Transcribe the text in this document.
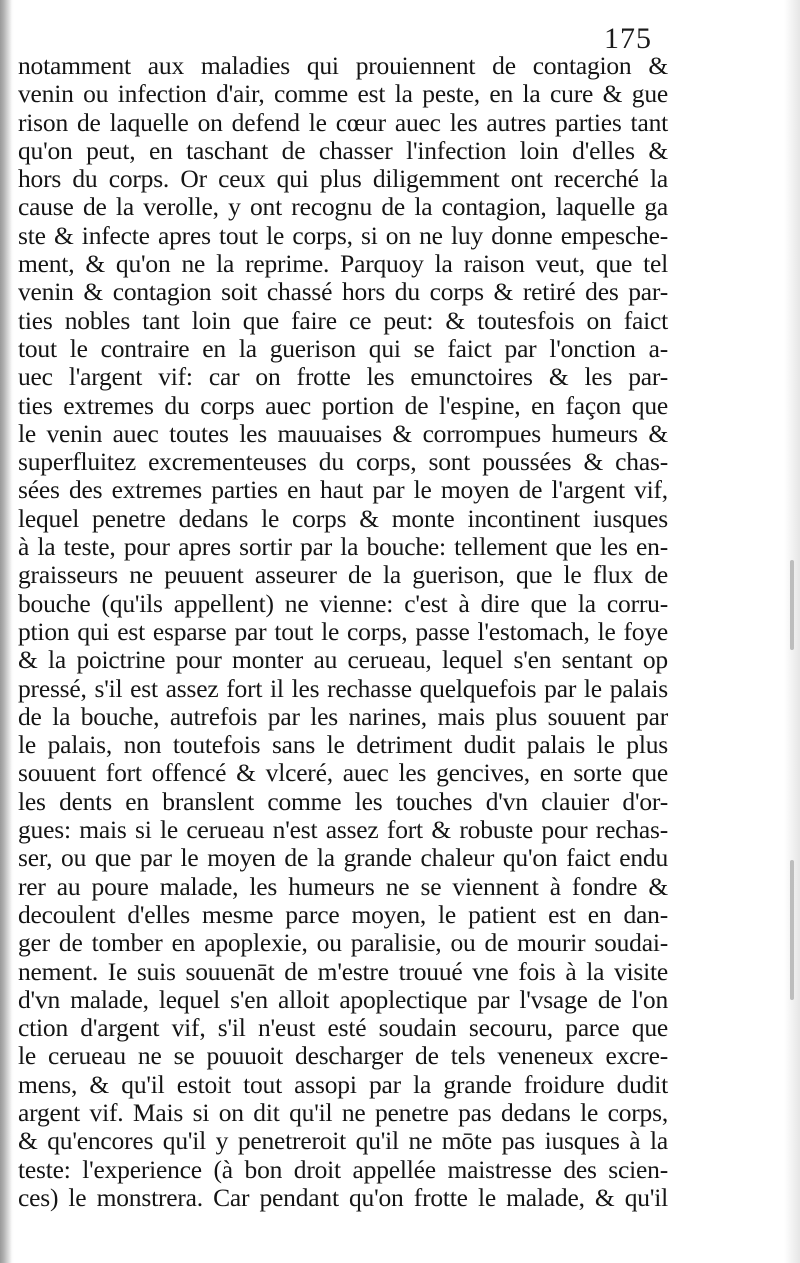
175
notamment aux maladies qui prouiennent de contagion &
venin ou infection d'air, comme est la peste, en la cure & gue
rison de laquelle on defend le cœur auec les autres parties tant
qu'on peut, en taschant de chasser l'infection loin d'elles &
hors du corps. Or ceux qui plus diligemment ont recerché la
cause de la verolle, y ont recognu de la contagion, laquelle ga
ste & infecte apres tout le corps, si on ne luy donne empesche-
ment, & qu'on ne la reprime. Parquoy la raison veut, que tel
venin & contagion soit chassé hors du corps & retiré des par-
ties nobles tant loin que faire ce peut: & toutesfois on faict
tout le contraire en la guerison qui se faict par l'onction a-
uec l'argent vif: car on frotte les emunctoires & les par-
ties extremes du corps auec portion de l'espine, en façon que
le venin auec toutes les mauuaises & corrompues humeurs &
superfluitez excrementeuses du corps, sont poussées & chas-
sées des extremes parties en haut par le moyen de l'argent vif,
lequel penetre dedans le corps & monte incontinent iusques
à la teste, pour apres sortir par la bouche: tellement que les en-
graisseurs ne peuuent asseurer de la guerison, que le flux de
bouche (qu'ils appellent) ne vienne: c'est à dire que la corru-
ption qui est esparse par tout le corps, passe l'estomach, le foye
& la poictrine pour monter au cerueau, lequel s'en sentant op
pressé, s'il est assez fort il les rechasse quelquefois par le palais
de la bouche, autrefois par les narines, mais plus souuent par
le palais, non toutefois sans le detriment dudit palais le plus
souuent fort offencé & vlceré, auec les gencives, en sorte que
les dents en branslent comme les touches d'vn clauier d'or-
gues: mais si le cerueau n'est assez fort & robuste pour rechas-
ser, ou que par le moyen de la grande chaleur qu'on faict endu
rer au poure malade, les humeurs ne se viennent à fondre &
decoulent d'elles mesme parce moyen, le patient est en dan-
ger de tomber en apoplexie, ou paralisie, ou de mourir soudai-
nement. Ie suis souuenāt de m'estre trouué vne fois à la visite
d'vn malade, lequel s'en alloit apoplectique par l'vsage de l'on
ction d'argent vif, s'il n'eust esté soudain secouru, parce que
le cerueau ne se pouuoit descharger de tels veneneux excre-
mens, & qu'il estoit tout assopi par la grande froidure dudit
argent vif. Mais si on dit qu'il ne penetre pas dedans le corps,
& qu'encores qu'il y penetreroit qu'il ne mōte pas iusques à la
teste: l'experience (à bon droit appellée maistresse des scien-
ces) le monstrera. Car pendant qu'on frotte le malade, & qu'il
